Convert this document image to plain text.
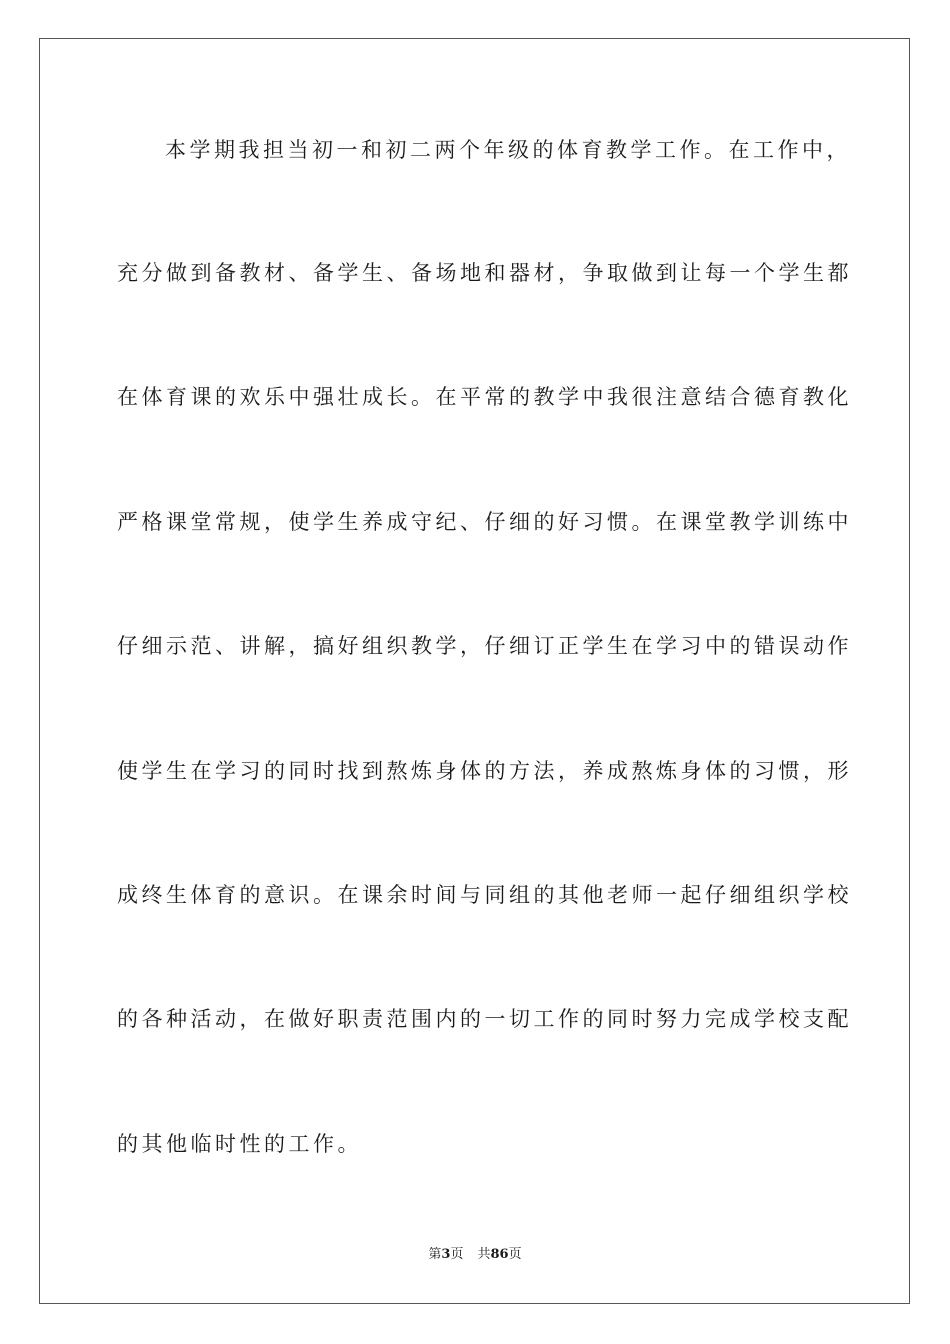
本学期我担当初一和初二两个年级的体育教学工作。在工作中，
充分做到备教材、备学生、备场地和器材，争取做到让每一个学生都
在体育课的欢乐中强壮成长。在平常的教学中我很注意结合德育教化
严格课堂常规，使学生养成守纪、仔细的好习惯。在课堂教学训练中
仔细示范、讲解，搞好组织教学，仔细订正学生在学习中的错误动作
使学生在学习的同时找到熬炼身体的方法，养成熬炼身体的习惯，形
成终生体育的意识。在课余时间与同组的其他老师一起仔细组织学校
的各种活动，在做好职责范围内的一切工作的同时努力完成学校支配
的其他临时性的工作。
第3页 共86页
